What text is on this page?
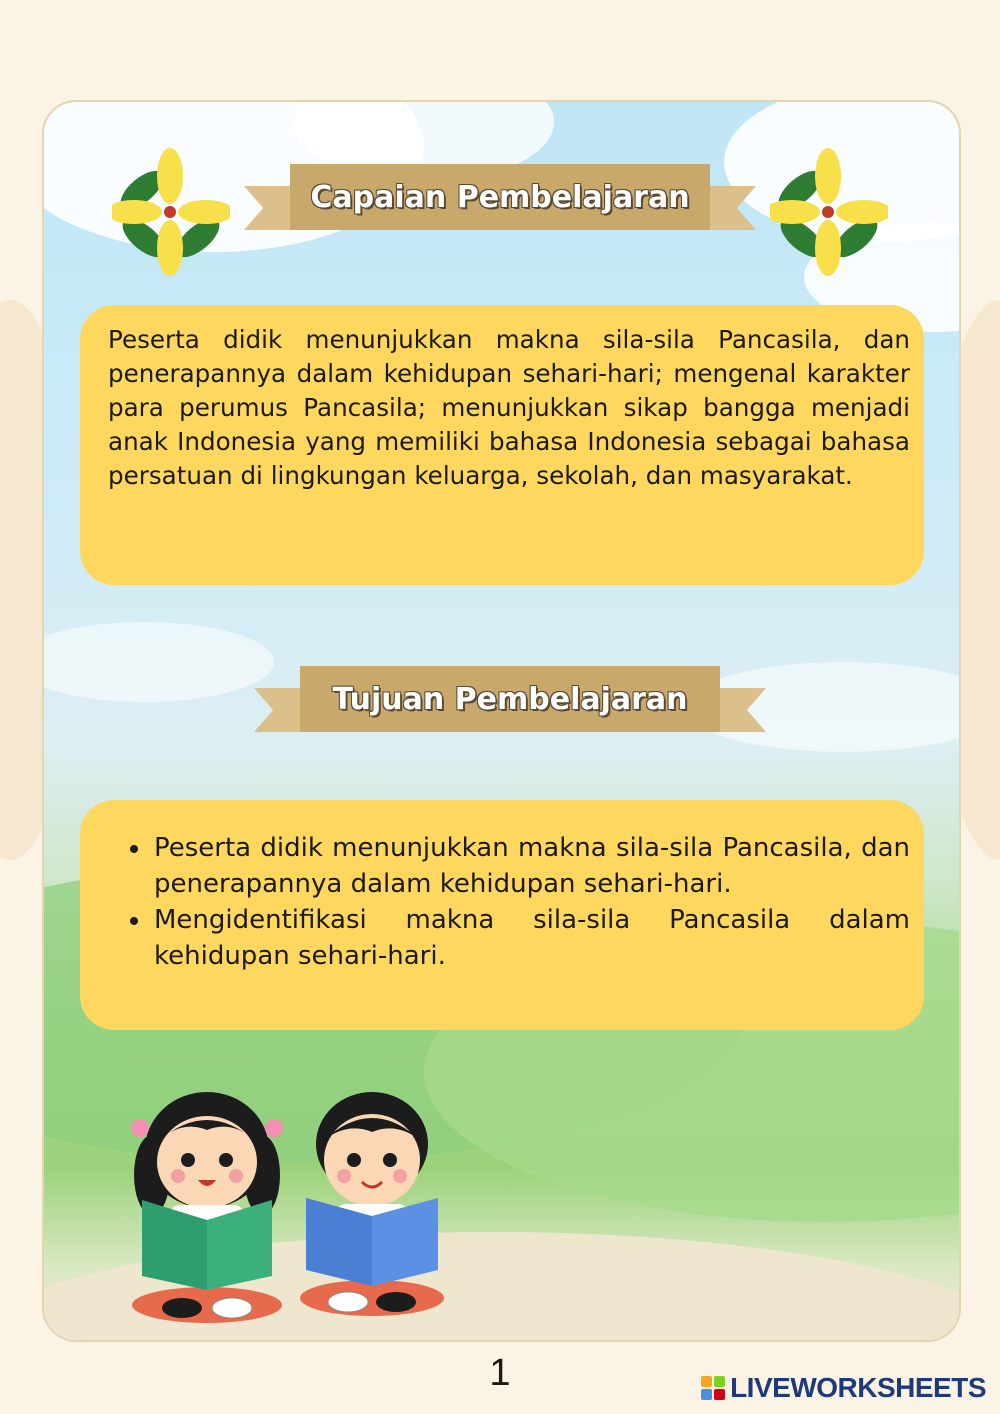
Capaian Pembelajaran

Peserta didik menunjukkan makna sila-sila Pancasila, dan penerapannya dalam kehidupan sehari-hari; mengenal karakter para perumus Pancasila; menunjukkan sikap bangga menjadi anak Indonesia yang memiliki bahasa Indonesia sebagai bahasa persatuan di lingkungan keluarga, sekolah, dan masyarakat.

Tujuan Pembelajaran
• Peserta didik menunjukkan makna sila-sila Pancasila, dan penerapannya dalam kehidupan sehari-hari.
• Mengidentifikasi makna sila-sila Pancasila dalam kehidupan sehari-hari.
1	LIVEWORKSHEETS
